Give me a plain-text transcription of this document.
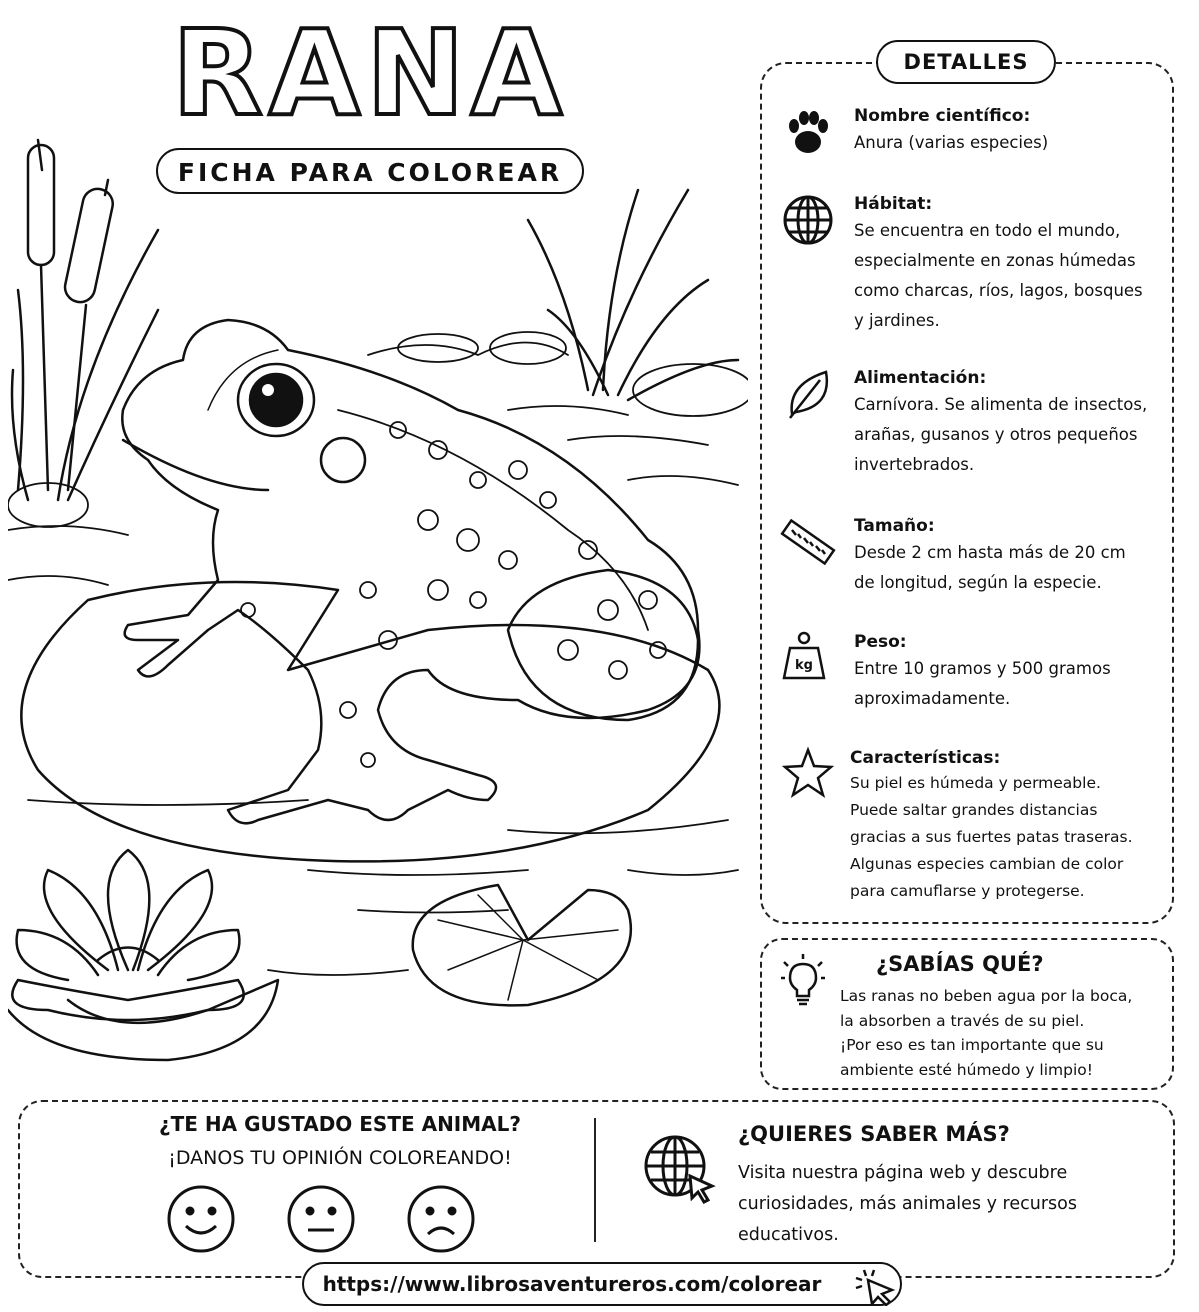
RANA
FICHA PARA COLOREAR
DETALLES
Nombre científico:
Anura (varias especies)
Hábitat:
Se encuentra en todo el mundo,
especialmente en zonas húmedas
como charcas, ríos, lagos, bosques
y jardines.
Alimentación:
Carnívora. Se alimenta de insectos,
arañas, gusanos y otros pequeños
invertebrados.
Tamaño:
Desde 2 cm hasta más de 20 cm
de longitud, según la especie.
kg
Peso:
Entre 10 gramos y 500 gramos
aproximadamente.
Características:
Su piel es húmeda y permeable.
Puede saltar grandes distancias
gracias a sus fuertes patas traseras.
Algunas especies cambian de color
para camuflarse y protegerse.
¿SABÍAS QUÉ?
Las ranas no beben agua por la boca,
la absorben a través de su piel.
¡Por eso es tan importante que su
ambiente esté húmedo y limpio!
¿TE HA GUSTADO ESTE ANIMAL?
¡DANOS TU OPINIÓN COLOREANDO!
¿QUIERES SABER MÁS?
Visita nuestra página web y descubre
curiosidades, más animales y recursos
educativos.
https://www.librosaventureros.com/colorear
